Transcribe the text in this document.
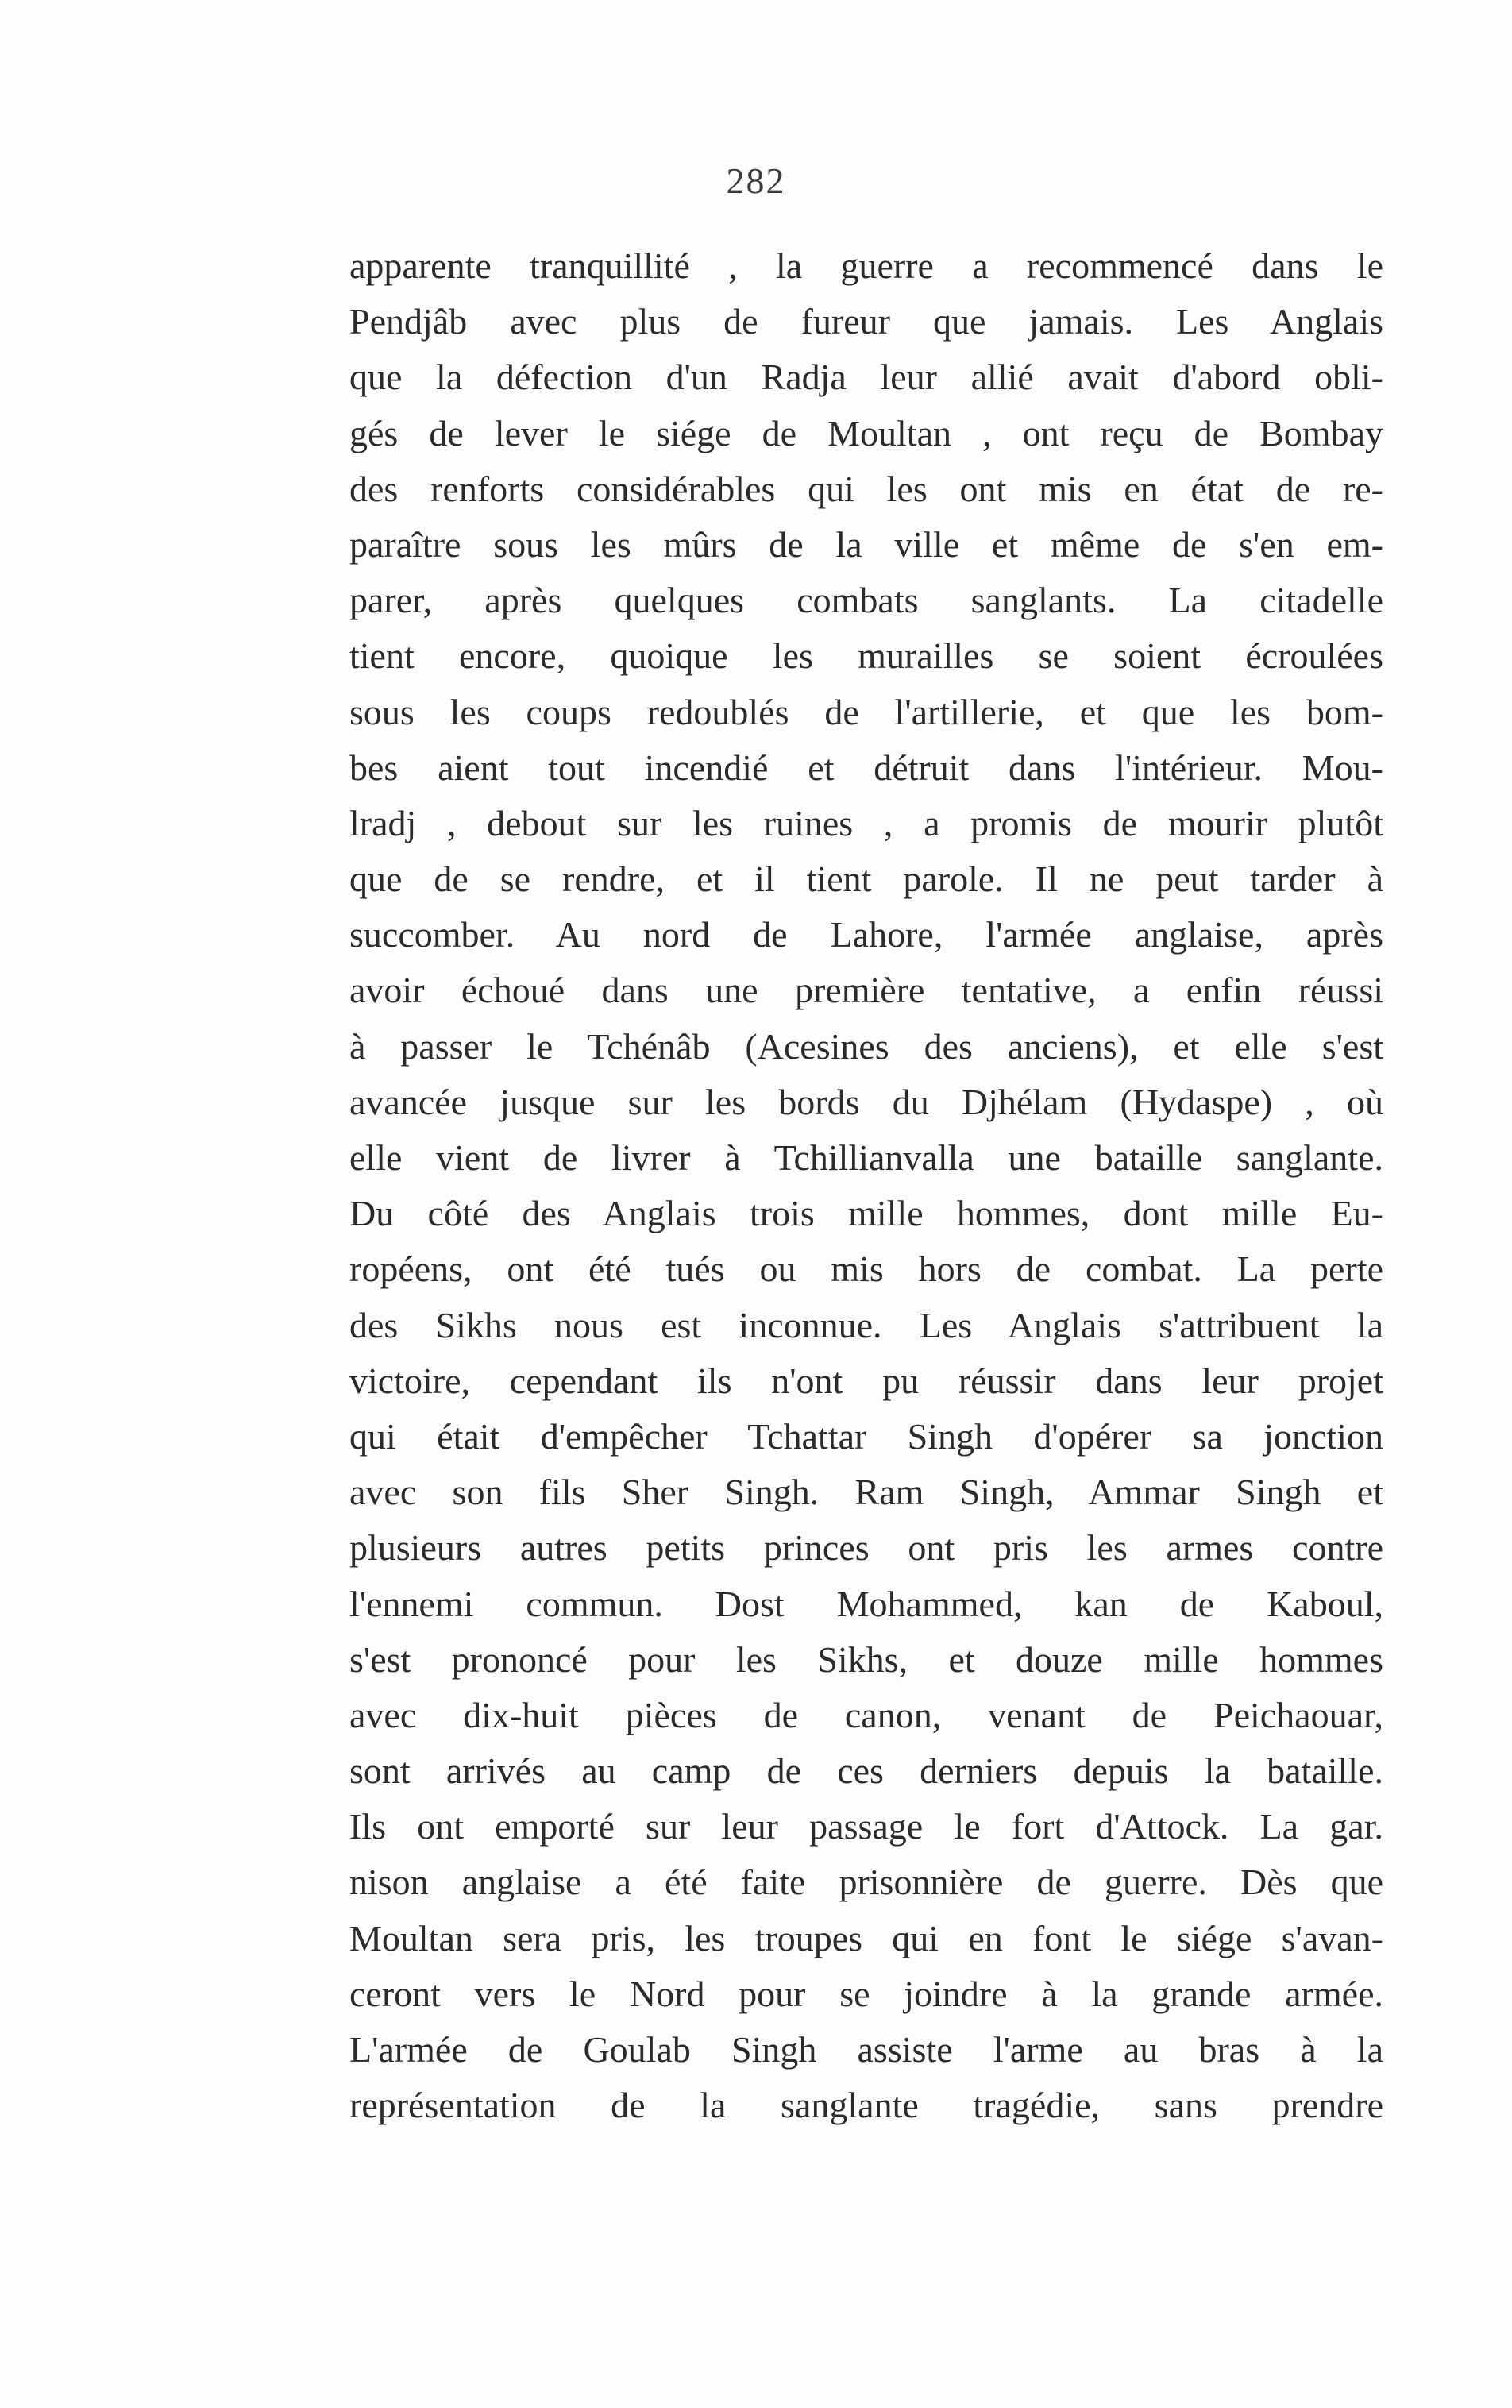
282
apparente tranquillité , la guerre a recommencé dans le
Pendjâb avec plus de fureur que jamais. Les Anglais
que la défection d'un Radja leur allié avait d'abord obli-
gés de lever le siége de Moultan , ont reçu de Bombay
des renforts considérables qui les ont mis en état de re-
paraître sous les mûrs de la ville et même de s'en em-
parer, après quelques combats sanglants. La citadelle
tient encore, quoique les murailles se soient écroulées
sous les coups redoublés de l'artillerie, et que les bom-
bes aient tout incendié et détruit dans l'intérieur. Mou-
lradj , debout sur les ruines , a promis de mourir plutôt
que de se rendre, et il tient parole. Il ne peut tarder à
succomber. Au nord de Lahore, l'armée anglaise, après
avoir échoué dans une première tentative, a enfin réussi
à passer le Tchénâb (Acesines des anciens), et elle s'est
avancée jusque sur les bords du Djhélam (Hydaspe) , où
elle vient de livrer à Tchillianvalla une bataille sanglante.
Du côté des Anglais trois mille hommes, dont mille Eu-
ropéens, ont été tués ou mis hors de combat. La perte
des Sikhs nous est inconnue. Les Anglais s'attribuent la
victoire, cependant ils n'ont pu réussir dans leur projet
qui était d'empêcher Tchattar Singh d'opérer sa jonction
avec son fils Sher Singh. Ram Singh, Ammar Singh et
plusieurs autres petits princes ont pris les armes contre
l'ennemi commun. Dost Mohammed, kan de Kaboul,
s'est prononcé pour les Sikhs, et douze mille hommes
avec dix-huit pièces de canon, venant de Peichaouar,
sont arrivés au camp de ces derniers depuis la bataille.
Ils ont emporté sur leur passage le fort d'Attock. La gar.
nison anglaise a été faite prisonnière de guerre. Dès que
Moultan sera pris, les troupes qui en font le siége s'avan-
ceront vers le Nord pour se joindre à la grande armée.
L'armée de Goulab Singh assiste l'arme au bras à la
représentation de la sanglante tragédie, sans prendre
